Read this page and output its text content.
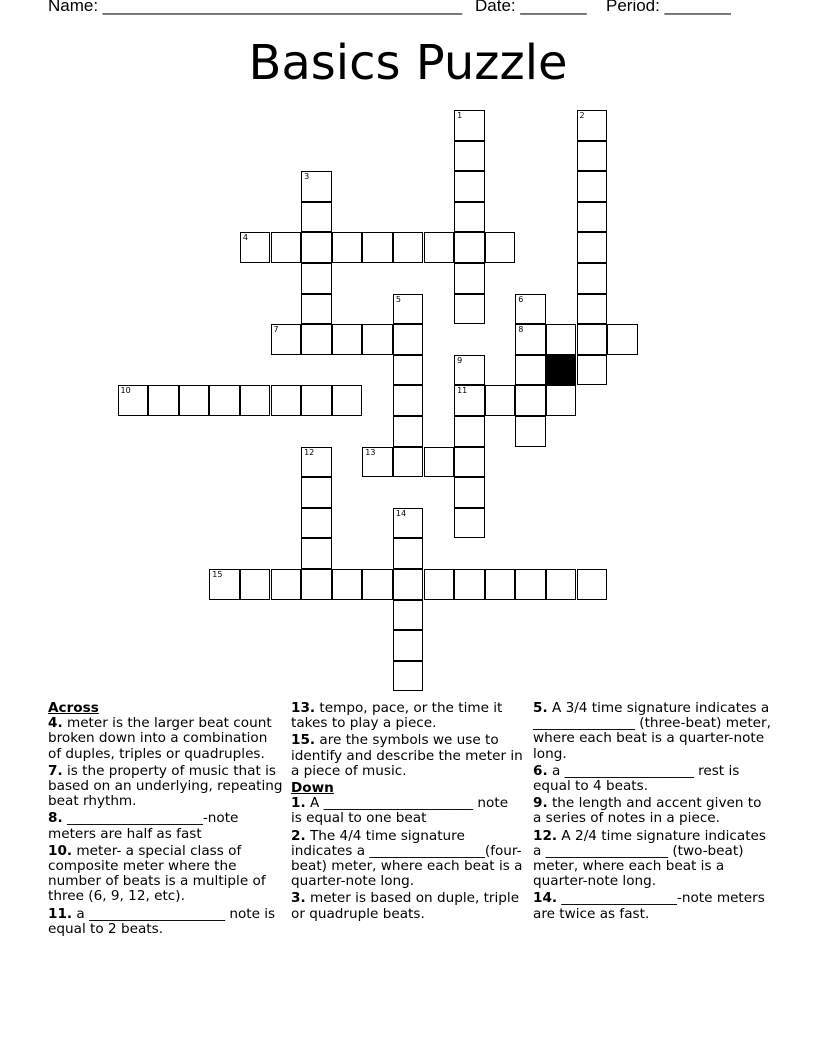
Name: ______________________________________ Date: _______ Period: _______
Basics Puzzle
1	2
3
4
5	6
7	8
9
10	11
12	13
14
15
Across
4. meter is the larger beat count broken down into a combination of duples, triples or quadruples.
7. is the property of music that is based on an underlying, repeating beat rhythm.
8. ____________________-note meters are half as fast
10. meter- a special class of composite meter where the number of beats is a multiple of three (6, 9, 12, etc).
11. a ____________________ note is equal to 2 beats.
13. tempo, pace, or the time it takes to play a piece.
15. are the symbols we use to identify and describe the meter in a piece of music.
Down
1. A ______________________ note is equal to one beat
2. The 4/4 time signature indicates a _________________(four-beat) meter, where each beat is a quarter-note long.
3. meter is based on duple, triple or quadruple beats.
5. A 3/4 time signature indicates a _______________ (three-beat) meter, where each beat is a quarter-note long.
6. a ___________________ rest is equal to 4 beats.
9. the length and accent given to a series of notes in a piece.
12. A 2/4 time signature indicates a __________________ (two-beat) meter, where each beat is a quarter-note long.
14. _________________-note meters are twice as fast.
